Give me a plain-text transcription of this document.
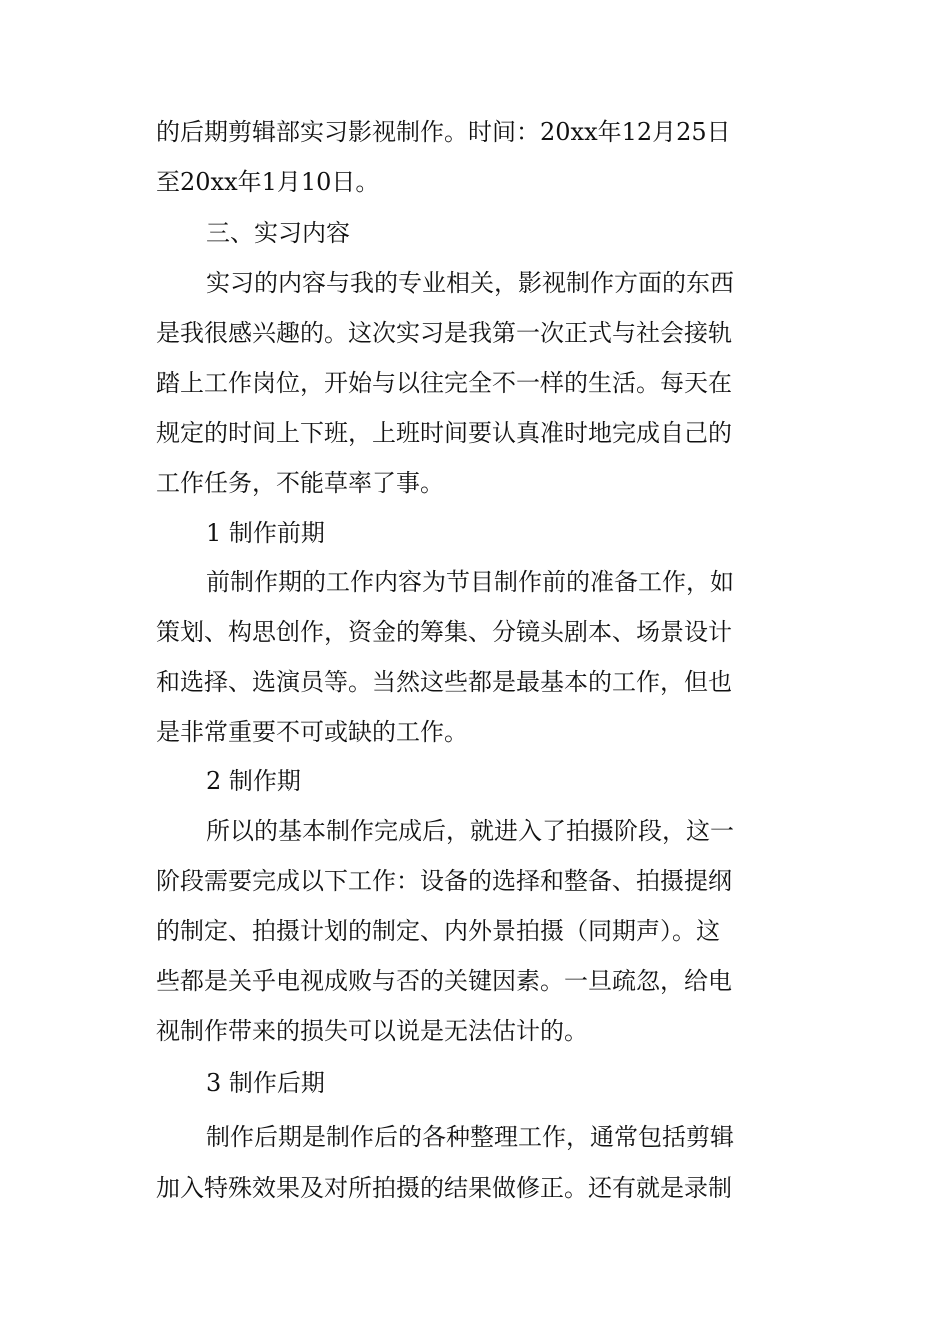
的后期剪辑部实习影视制作。时间：20xx年12月25日

至20xx年1月10日。

三、实习内容

实习的内容与我的专业相关，影视制作方面的东西

是我很感兴趣的。这次实习是我第一次正式与社会接轨

踏上工作岗位，开始与以往完全不一样的生活。每天在

规定的时间上下班，上班时间要认真准时地完成自己的

工作任务，不能草率了事。

1 制作前期

前制作期的工作内容为节目制作前的准备工作，如

策划、构思创作，资金的筹集、分镜头剧本、场景设计

和选择、选演员等。当然这些都是最基本的工作，但也

是非常重要不可或缺的工作。

2 制作期

所以的基本制作完成后，就进入了拍摄阶段，这一

阶段需要完成以下工作：设备的选择和整备、拍摄提纲

的制定、拍摄计划的制定、内外景拍摄（同期声）。这

些都是关乎电视成败与否的关键因素。一旦疏忽，给电

视制作带来的损失可以说是无法估计的。

3 制作后期

制作后期是制作后的各种整理工作，通常包括剪辑

加入特殊效果及对所拍摄的结果做修正。还有就是录制
